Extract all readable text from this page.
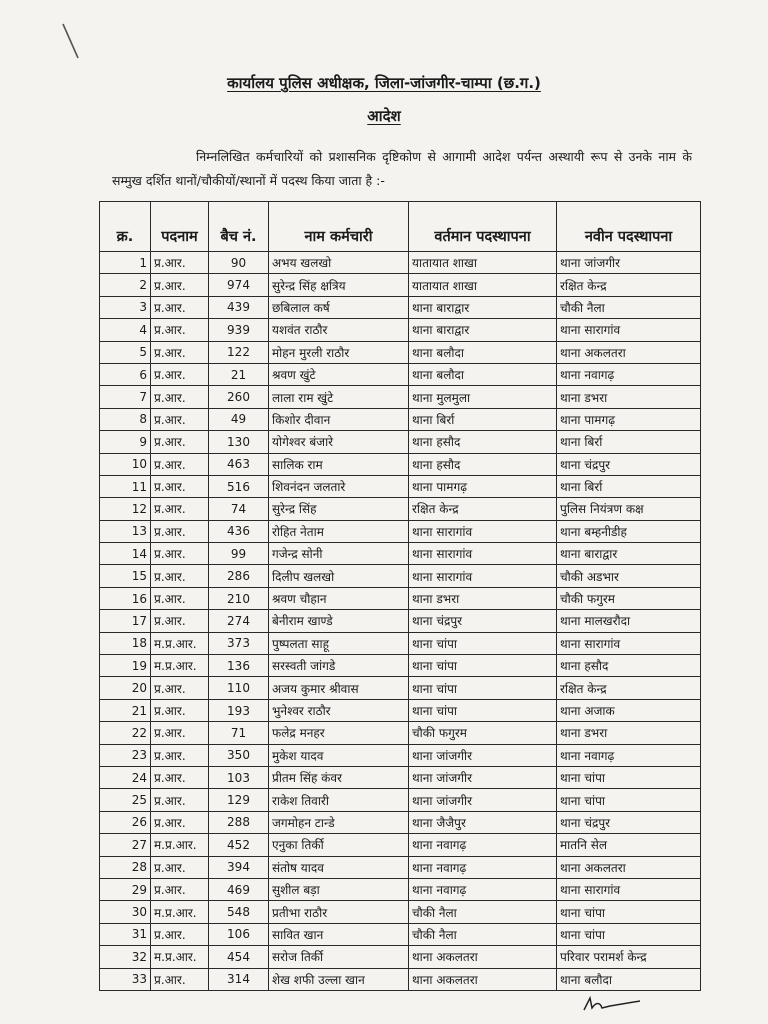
कार्यालय पुलिस अधीक्षक, जिला-जांजगीर-चाम्पा (छ.ग.)
आदेश
निम्नलिखित कर्मचारियों को प्रशासनिक दृष्टिकोण से आगामी आदेश पर्यन्त अस्थायी रूप से उनके नाम के सम्मुख दर्शित थानों/चौकीयों/स्थानों में पदस्थ किया जाता है :-
क्र.	पदनाम	बैच नं.	नाम कर्मचारी	वर्तमान पदस्थापना	नवीन पदस्थापना
1	प्र.आर.	90	अभय खलखो	यातायात शाखा	थाना जांजगीर
2	प्र.आर.	974	सुरेन्द्र सिंह क्षत्रिय	यातायात शाखा	रक्षित केन्द्र
3	प्र.आर.	439	छबिलाल कर्ष	थाना बाराद्वार	चौकी नैला
4	प्र.आर.	939	यशवंत राठौर	थाना बाराद्वार	थाना सारागांव
5	प्र.आर.	122	मोहन मुरली राठौर	थाना बलौदा	थाना अकलतरा
6	प्र.आर.	21	श्रवण खुंटे	थाना बलौदा	थाना नवागढ़
7	प्र.आर.	260	लाला राम खुंटे	थाना मुलमुला	थाना डभरा
8	प्र.आर.	49	किशोर दीवान	थाना बिर्रा	थाना पामगढ़
9	प्र.आर.	130	योगेश्वर बंजारे	थाना हसौद	थाना बिर्रा
10	प्र.आर.	463	सालिक राम	थाना हसौद	थाना चंद्रपुर
11	प्र.आर.	516	शिवनंदन जलतारे	थाना पामगढ़	थाना बिर्रा
12	प्र.आर.	74	सुरेन्द्र सिंह	रक्षित केन्द्र	पुलिस नियंत्रण कक्ष
13	प्र.आर.	436	रोहित नेताम	थाना सारागांव	थाना बम्हनीडीह
14	प्र.आर.	99	गजेन्द्र सोनी	थाना सारागांव	थाना बाराद्वार
15	प्र.आर.	286	दिलीप खलखो	थाना सारागांव	चौकी अडभार
16	प्र.आर.	210	श्रवण चौहान	थाना डभरा	चौकी फगुरम
17	प्र.आर.	274	बेनीराम खाण्डे	थाना चंद्रपुर	थाना मालखरौदा
18	म.प्र.आर.	373	पुष्पलता साहू	थाना चांपा	थाना सारागांव
19	म.प्र.आर.	136	सरस्वती जांगडे	थाना चांपा	थाना हसौद
20	प्र.आर.	110	अजय कुमार श्रीवास	थाना चांपा	रक्षित केन्द्र
21	प्र.आर.	193	भुनेश्वर राठौर	थाना चांपा	थाना अजाक
22	प्र.आर.	71	फलेद्र मनहर	चौकी फगुरम	थाना डभरा
23	प्र.आर.	350	मुकेश यादव	थाना जांजगीर	थाना नवागढ़
24	प्र.आर.	103	प्रीतम सिंह कंवर	थाना जांजगीर	थाना चांपा
25	प्र.आर.	129	राकेश तिवारी	थाना जांजगीर	थाना चांपा
26	प्र.आर.	288	जगमोहन टान्डे	थाना जैजैपुर	थाना चंद्रपुर
27	म.प्र.आर.	452	एनुका तिर्की	थाना नवागढ़	मातनि सेल
28	प्र.आर.	394	संतोष यादव	थाना नवागढ़	थाना अकलतरा
29	प्र.आर.	469	सुशील बड़ा	थाना नवागढ़	थाना सारागांव
30	म.प्र.आर.	548	प्रतीभा राठौर	चौकी नैला	थाना चांपा
31	प्र.आर.	106	सावित खान	चौकी नैला	थाना चांपा
32	म.प्र.आर.	454	सरोज तिर्की	थाना अकलतरा	परिवार परामर्श केन्द्र
33	प्र.आर.	314	शेख शफी उल्ला खान	थाना अकलतरा	थाना बलौदा
